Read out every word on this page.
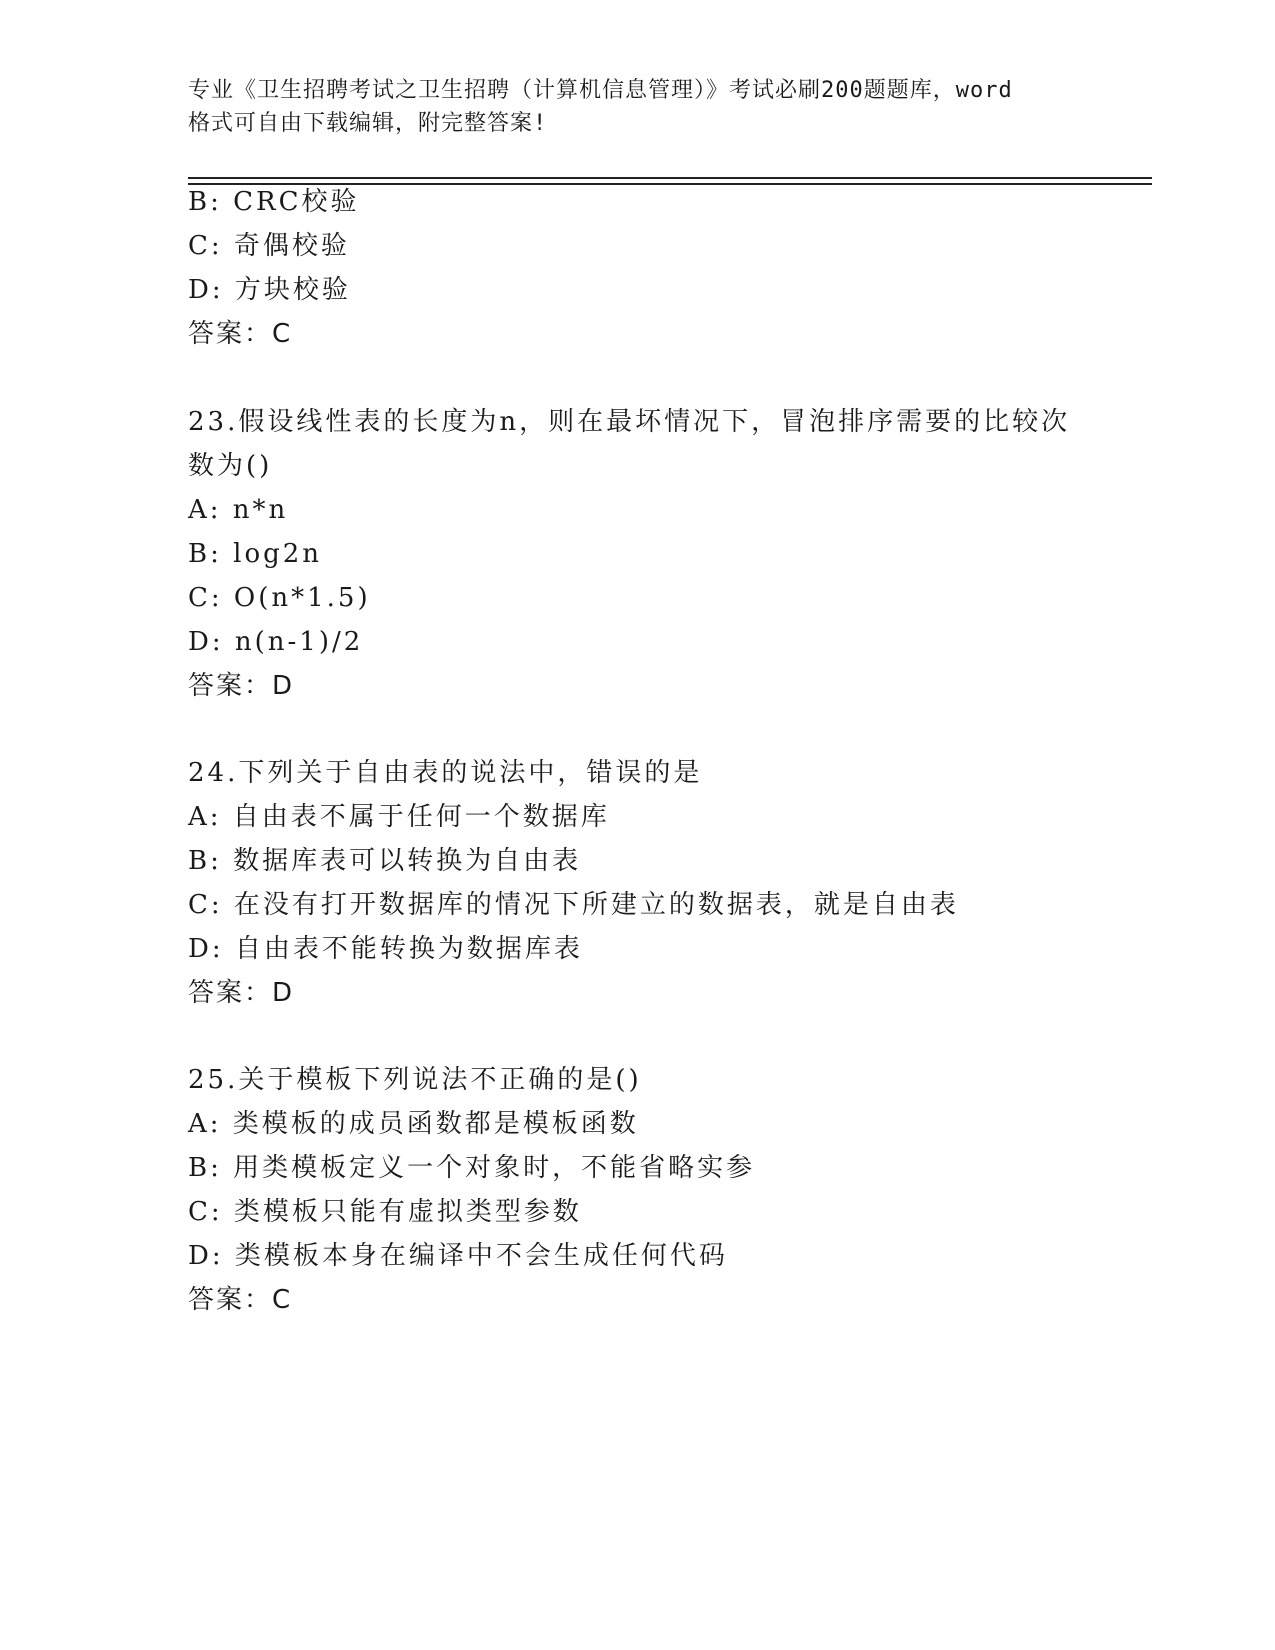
专业《卫生招聘考试之卫生招聘（计算机信息管理）》考试必刷200题题库，word
格式可自由下载编辑，附完整答案!
B: CRC校验
C: 奇偶校验
D: 方块校验
答案：C
23.假设线性表的长度为n，则在最坏情况下，冒泡排序需要的比较次
数为()
A: n*n
B: log2n
C: O(n*1.5)
D: n(n-1)/2
答案：D
24.下列关于自由表的说法中，错误的是
A: 自由表不属于任何一个数据库
B: 数据库表可以转换为自由表
C: 在没有打开数据库的情况下所建立的数据表，就是自由表
D: 自由表不能转换为数据库表
答案：D
25.关于模板下列说法不正确的是()
A: 类模板的成员函数都是模板函数
B: 用类模板定义一个对象时，不能省略实参
C: 类模板只能有虚拟类型参数
D: 类模板本身在编译中不会生成任何代码
答案：C
